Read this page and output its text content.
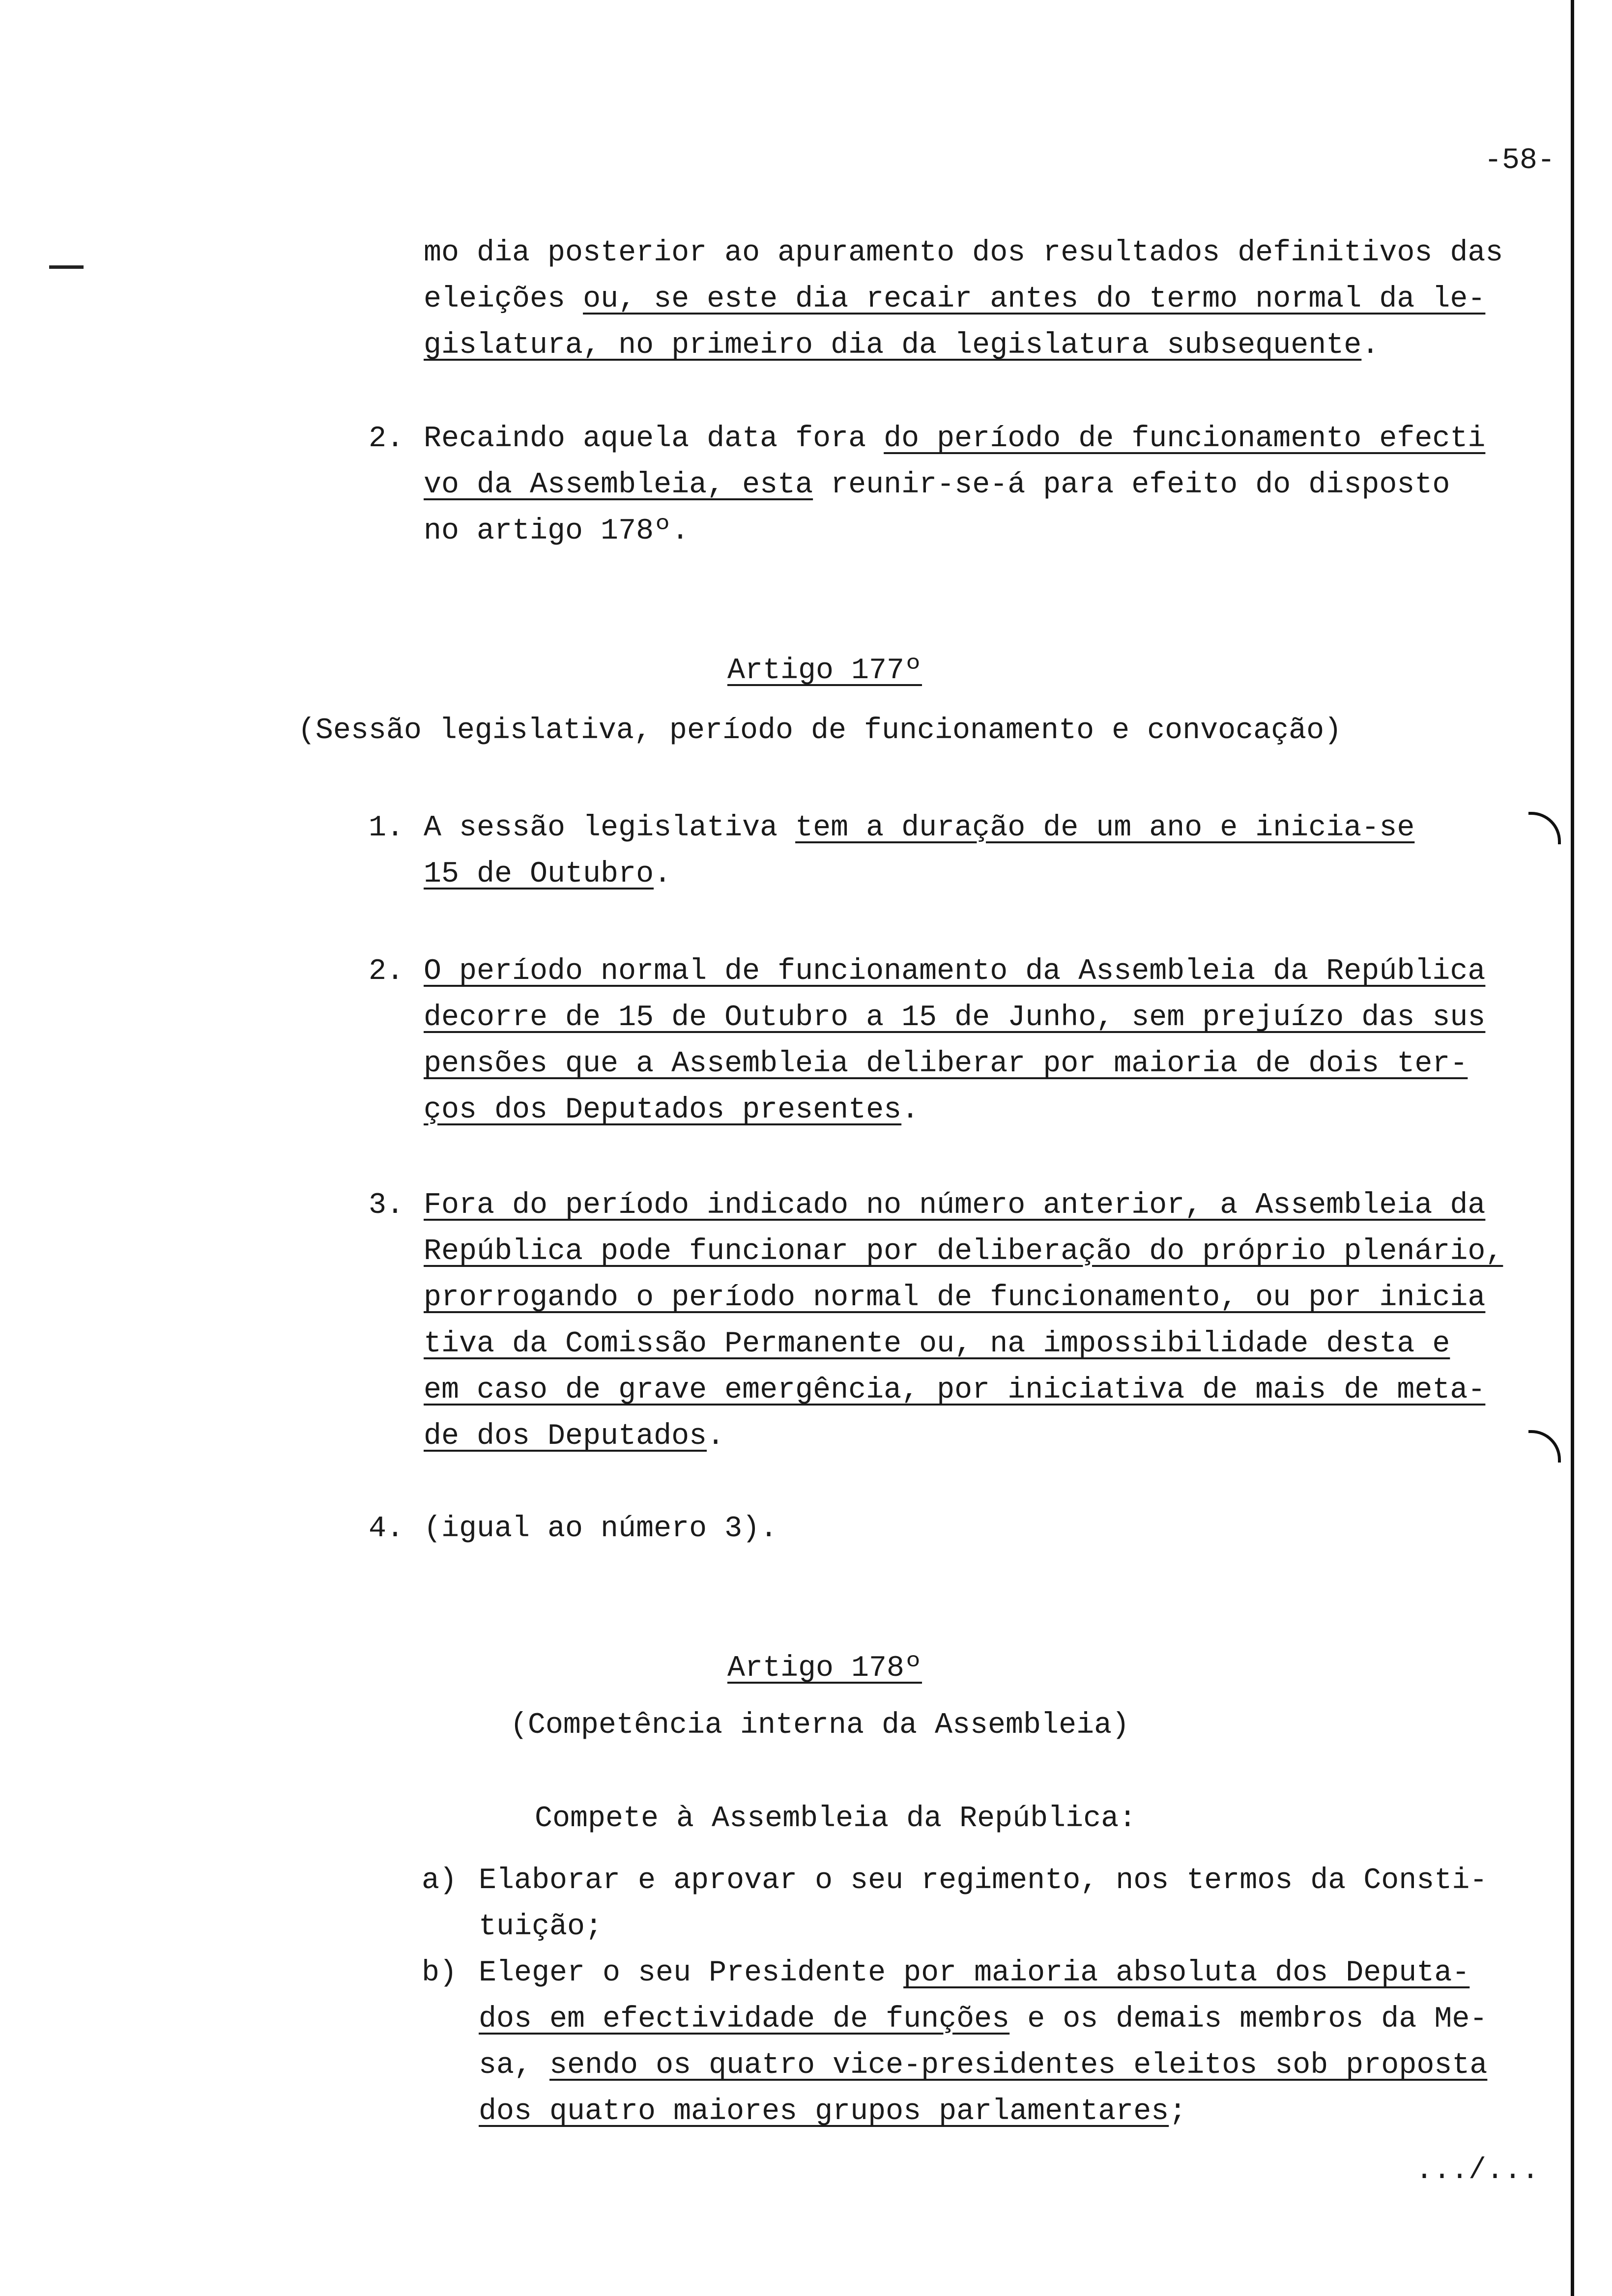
-58-
mo dia posterior ao apuramento dos resultados definitivos das
eleições ou, se este dia recair antes do termo normal da le-
gislatura, no primeiro dia da legislatura subsequente.
2. Recaindo aquela data fora do período de funcionamento efecti
vo da Assembleia, esta reunir-se-á para efeito do disposto
no artigo 178º.
Artigo 177º
(Sessão legislativa, período de funcionamento e convocação)
1. A sessão legislativa tem a duração de um ano e inicia-se
15 de Outubro.
2. O período normal de funcionamento da Assembleia da República
decorre de 15 de Outubro a 15 de Junho, sem prejuízo das sus
pensões que a Assembleia deliberar por maioria de dois ter-
ços dos Deputados presentes.
3. Fora do período indicado no número anterior, a Assembleia da
República pode funcionar por deliberação do próprio plenário,
prorrogando o período normal de funcionamento, ou por inicia
tiva da Comissão Permanente ou, na impossibilidade desta e
em caso de grave emergência, por iniciativa de mais de meta-
de dos Deputados.
4. (igual ao número 3).
Artigo 178º
(Competência interna da Assembleia)
Compete à Assembleia da República:
a) Elaborar e aprovar o seu regimento, nos termos da Consti-
tuição;
b) Eleger o seu Presidente por maioria absoluta dos Deputa-
dos em efectividade de funções e os demais membros da Me-
sa, sendo os quatro vice-presidentes eleitos sob proposta
dos quatro maiores grupos parlamentares;
.../...
